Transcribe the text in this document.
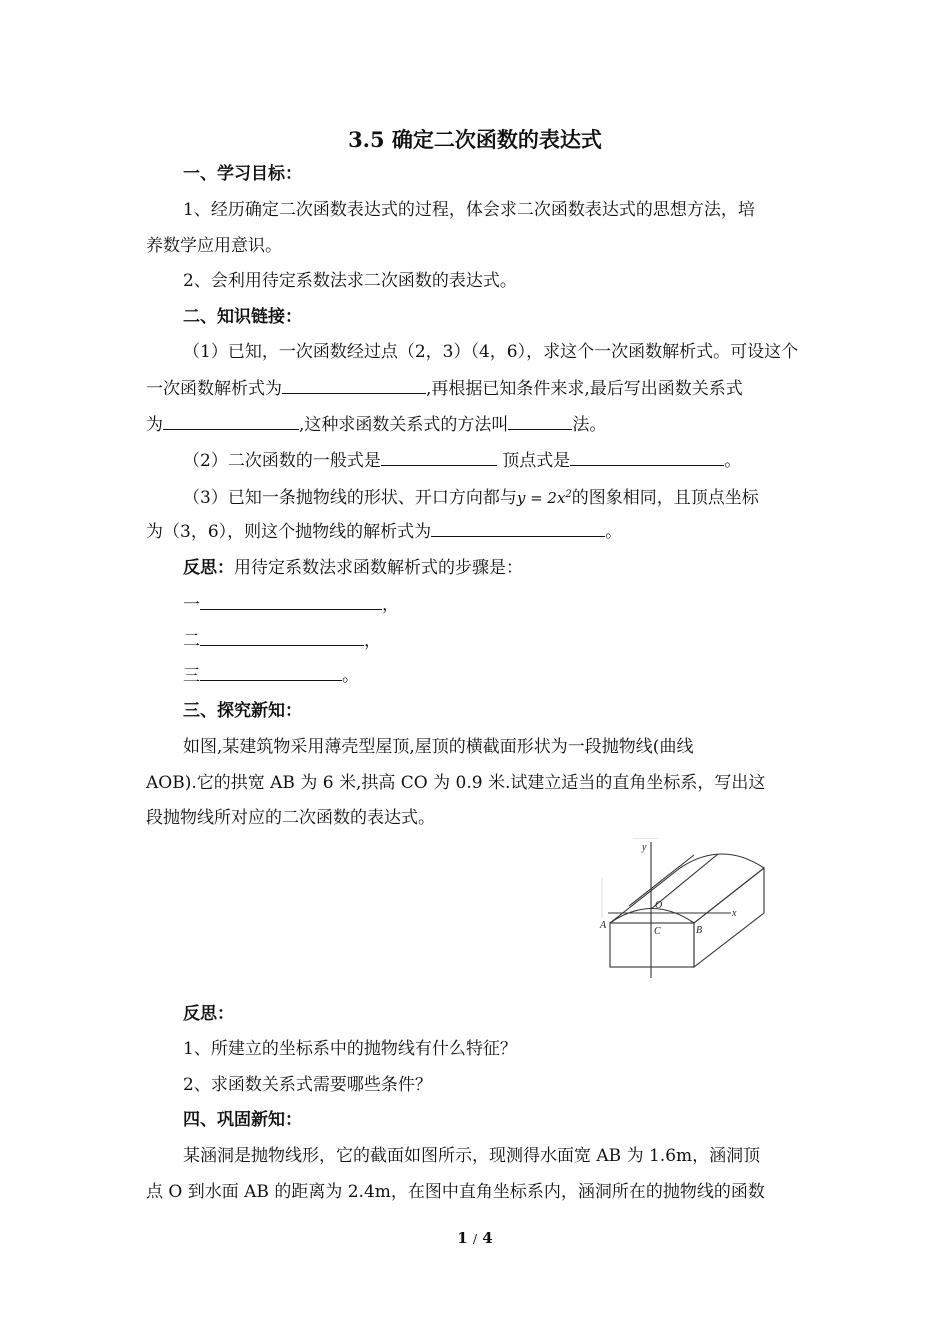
3.5 确定二次函数的表达式
一、学习目标：
1、经历确定二次函数表达式的过程，体会求二次函数表达式的思想方法，培
养数学应用意识。
2、会利用待定系数法求二次函数的表达式。
二、知识链接：
（1）已知，一次函数经过点（2，3）（4，6），求这个一次函数解析式。可设这个
一次函数解析式为	,再根据已知条件来求,最后写出函数关系式
为	,这种求函数关系式的方法叫	法。
（2）二次函数的一般式是	顶点式是	。
（3）已知一条抛物线的形状、开口方向都与$y = 2x^2$的图象相同，且顶点坐标
为（3，6），则这个抛物线的解析式为	。
反思：用待定系数法求函数解析式的步骤是：
一	，
二	，
三	。
三、探究新知：
如图,某建筑物采用薄壳型屋顶,屋顶的横截面形状为一段抛物线(曲线
AOB).它的拱宽 AB 为 6 米,拱高 CO 为 0.9 米.试建立适当的直角坐标系，写出这
段抛物线所对应的二次函数的表达式。
y
x
O
A	B
C
反思：
1、所建立的坐标系中的抛物线有什么特征？
2、求函数关系式需要哪些条件？
四、巩固新知：
某涵洞是抛物线形，它的截面如图所示，现测得水面宽 AB 为 1.6m，涵洞顶
点 O 到水面 AB 的距离为 2.4m，在图中直角坐标系内，涵洞所在的抛物线的函数
1 / 4
